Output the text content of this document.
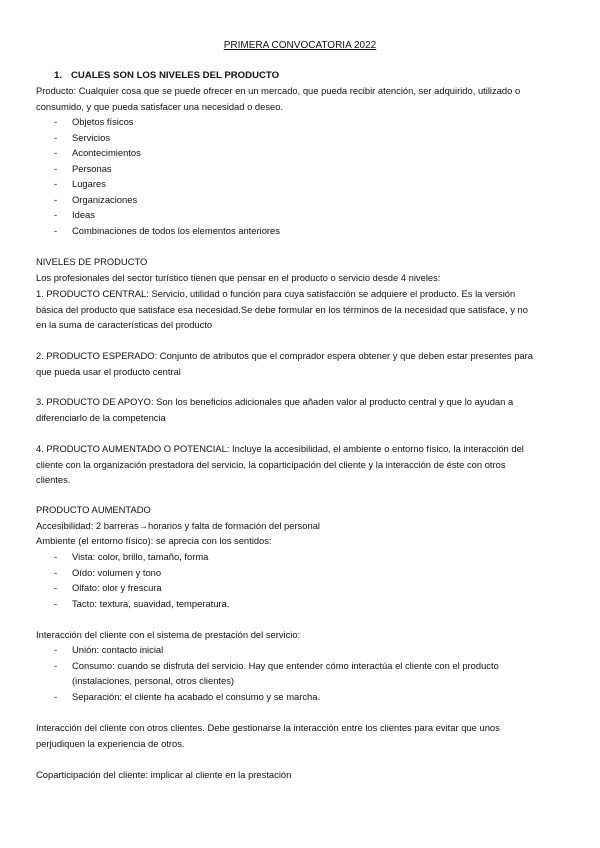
PRIMERA CONVOCATORIA 2022
1. CUALES SON LOS NIVELES DEL PRODUCTO
Producto: Cualquier cosa que se puede ofrecer en un mercado, que pueda recibir atención, ser adquirido, utilizado o
consumido, y que pueda satisfacer una necesidad o deseo.
- Objetos físicos
- Servicios
- Acontecimientos
- Personas
- Lugares
- Organizaciones
- Ideas
- Combinaciones de todos los elementos anteriores
NIVELES DE PRODUCTO
Los profesionales del sector turístico tienen que pensar en el producto o servicio desde 4 niveles:
1. PRODUCTO CENTRAL: Servicio, utilidad o función para cuya satisfacción se adquiere el producto. Es la versión
básica del producto que satisface esa necesidad.Se debe formular en los términos de la necesidad que satisface, y no
en la suma de características del producto
2. PRODUCTO ESPERADO: Conjunto de atributos que el comprador espera obtener y que deben estar presentes para
que pueda usar el producto central
3. PRODUCTO DE APOYO: Son los beneficios adicionales que añaden valor al producto central y que lo ayudan a
diferenciarlo de la competencia
4. PRODUCTO AUMENTADO O POTENCIAL: Incluye la accesibilidad, el ambiente o entorno físico, la interacción del
cliente con la organización prestadora del servicio, la coparticipación del cliente y la interacción de éste con otros
clientes.
PRODUCTO AUMENTADO
Accesibilidad: 2 barreras→horarios y falta de formación del personal
Ambiente (el entorno físico): se aprecia con los sentidos:
- Vista: color, brillo, tamaño, forma
- Oído: volumen y tono
- Olfato: olor y frescura
- Tacto: textura, suavidad, temperatura.
Interacción del cliente con el sistema de prestación del servicio:
- Unión: contacto inicial
- Consumo: cuando se disfruta del servicio. Hay que entender cómo interactúa el cliente con el producto
(instalaciones, personal, otros clientes)
- Separación: el cliente ha acabado el consumo y se marcha.
Interacción del cliente con otros clientes. Debe gestionarse la interacción entre los clientes para evitar que unos
perjudiquen la experiencia de otros.
Coparticipación del cliente: implicar al cliente en la prestación
